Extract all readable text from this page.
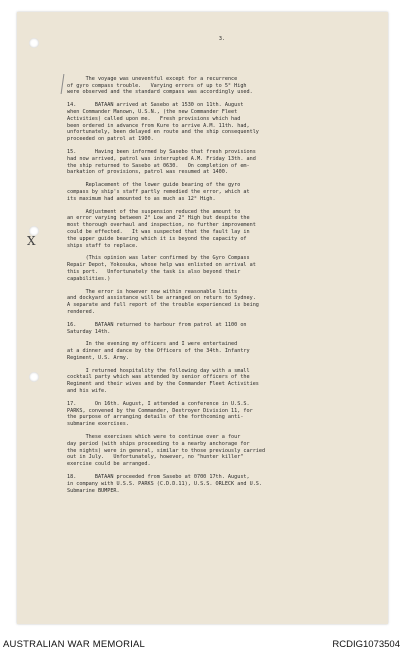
X
3.
The voyage was uneventful except for a recurrence
of gyro compass trouble.   Varying errors of up to 5° High
were observed and the standard compass was accordingly used.
14.      BATAAN arrived at Sasebo at 1530 on 11th. August
when Commander Manown, U.S.N., (the new Commander Fleet
Activities) called upon me.   Fresh provisions which had
been ordered in advance from Kure to arrive A.M. 11th. had,
unfortunately, been delayed en route and the ship consequently
proceeded on patrol at 1900.
15.      Having been informed by Sasebo that fresh provisions
had now arrived, patrol was interrupted A.M. Friday 13th. and
the ship returned to Sasebo at 0630.   On completion of em-
barkation of provisions, patrol was resumed at 1400.
Replacement of the lower guide bearing of the gyro
compass by ship's staff partly remedied the error, which at
its maximum had amounted to as much as 12° High.
Adjustment of the suspension reduced the amount to
an error varying between 2° Low and 2° High but despite the
most thorough overhaul and inspection, no further improvement
could be effected.   It was suspected that the fault lay in
the upper guide bearing which it is beyond the capacity of
ships staff to replace.
(This opinion was later confirmed by the Gyro Compass
Repair Depot, Yokosuka, whose help was enlisted on arrival at
this port.   Unfortunately the task is also beyond their
capabilities.)
The error is however now within reasonable limits
and dockyard assistance will be arranged on return to Sydney.
A separate and full report of the trouble experienced is being
rendered.
16.      BATAAN returned to harbour from patrol at 1100 on
Saturday 14th.
In the evening my officers and I were entertained
at a dinner and dance by the Officers of the 34th. Infantry
Regiment, U.S. Army.
I returned hospitality the following day with a small
cocktail party which was attended by senior officers of the
Regiment and their wives and by the Commander Fleet Activities
and his wife.
17.      On 16th. August, I attended a conference in U.S.S.
PARKS, convened by the Commander, Destroyer Division 11, for
the purpose of arranging details of the forthcoming anti-
submarine exercises.
These exercises which were to continue over a four
day period (with ships proceeding to a nearby anchorage for
the nights) were in general, similar to those previously carried
out in July.   Unfortunately, however, no "hunter killer"
exercise could be arranged.
18.      BATAAN proceeded from Sasebo at 0700 17th. August,
in company with U.S.S. PARKS (C.D.D.11), U.S.S. ORLECK and U.S.
Submarine BUMPER.
AUSTRALIAN WAR MEMORIAL	RCDIG1073504
